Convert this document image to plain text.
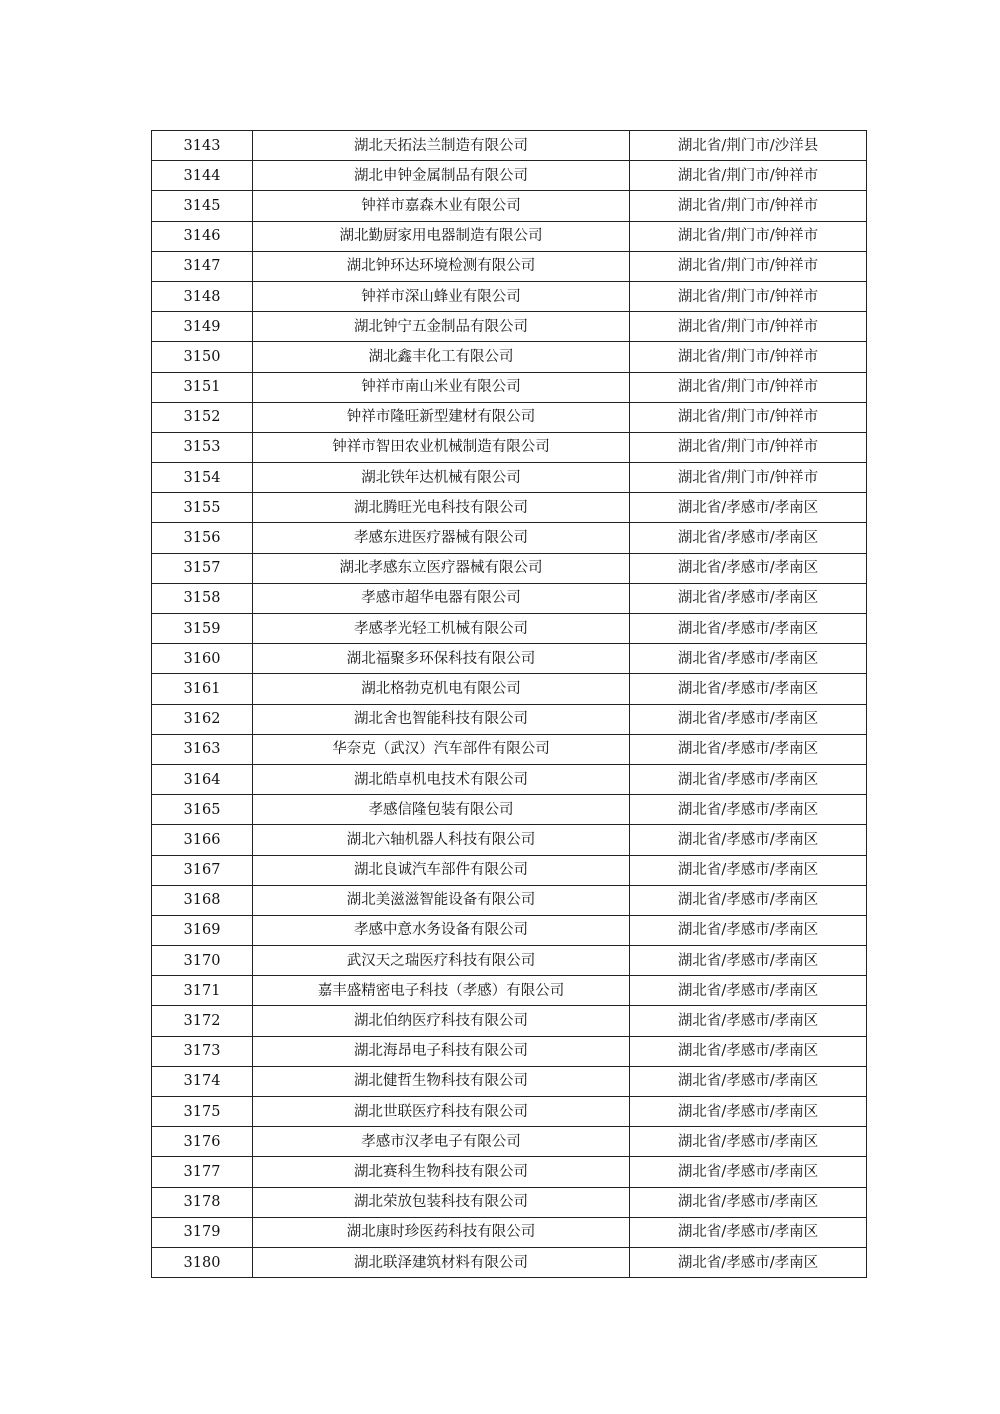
3143	湖北天拓法兰制造有限公司	湖北省/荆门市/沙洋县
3144	湖北申钟金属制品有限公司	湖北省/荆门市/钟祥市
3145	钟祥市嘉森木业有限公司	湖北省/荆门市/钟祥市
3146	湖北勤厨家用电器制造有限公司	湖北省/荆门市/钟祥市
3147	湖北钟环达环境检测有限公司	湖北省/荆门市/钟祥市
3148	钟祥市深山蜂业有限公司	湖北省/荆门市/钟祥市
3149	湖北钟宁五金制品有限公司	湖北省/荆门市/钟祥市
3150	湖北鑫丰化工有限公司	湖北省/荆门市/钟祥市
3151	钟祥市南山米业有限公司	湖北省/荆门市/钟祥市
3152	钟祥市隆旺新型建材有限公司	湖北省/荆门市/钟祥市
3153	钟祥市智田农业机械制造有限公司	湖北省/荆门市/钟祥市
3154	湖北铁年达机械有限公司	湖北省/荆门市/钟祥市
3155	湖北腾旺光电科技有限公司	湖北省/孝感市/孝南区
3156	孝感东进医疗器械有限公司	湖北省/孝感市/孝南区
3157	湖北孝感东立医疗器械有限公司	湖北省/孝感市/孝南区
3158	孝感市超华电器有限公司	湖北省/孝感市/孝南区
3159	孝感孝光轻工机械有限公司	湖北省/孝感市/孝南区
3160	湖北福聚多环保科技有限公司	湖北省/孝感市/孝南区
3161	湖北格勃克机电有限公司	湖北省/孝感市/孝南区
3162	湖北舍也智能科技有限公司	湖北省/孝感市/孝南区
3163	华奈克（武汉）汽车部件有限公司	湖北省/孝感市/孝南区
3164	湖北皓卓机电技术有限公司	湖北省/孝感市/孝南区
3165	孝感信隆包装有限公司	湖北省/孝感市/孝南区
3166	湖北六轴机器人科技有限公司	湖北省/孝感市/孝南区
3167	湖北良诚汽车部件有限公司	湖北省/孝感市/孝南区
3168	湖北美滋滋智能设备有限公司	湖北省/孝感市/孝南区
3169	孝感中意水务设备有限公司	湖北省/孝感市/孝南区
3170	武汉天之瑞医疗科技有限公司	湖北省/孝感市/孝南区
3171	嘉丰盛精密电子科技（孝感）有限公司	湖北省/孝感市/孝南区
3172	湖北伯纳医疗科技有限公司	湖北省/孝感市/孝南区
3173	湖北海昂电子科技有限公司	湖北省/孝感市/孝南区
3174	湖北健哲生物科技有限公司	湖北省/孝感市/孝南区
3175	湖北世联医疗科技有限公司	湖北省/孝感市/孝南区
3176	孝感市汉孝电子有限公司	湖北省/孝感市/孝南区
3177	湖北赛科生物科技有限公司	湖北省/孝感市/孝南区
3178	湖北荣放包装科技有限公司	湖北省/孝感市/孝南区
3179	湖北康时珍医药科技有限公司	湖北省/孝感市/孝南区
3180	湖北联泽建筑材料有限公司	湖北省/孝感市/孝南区
